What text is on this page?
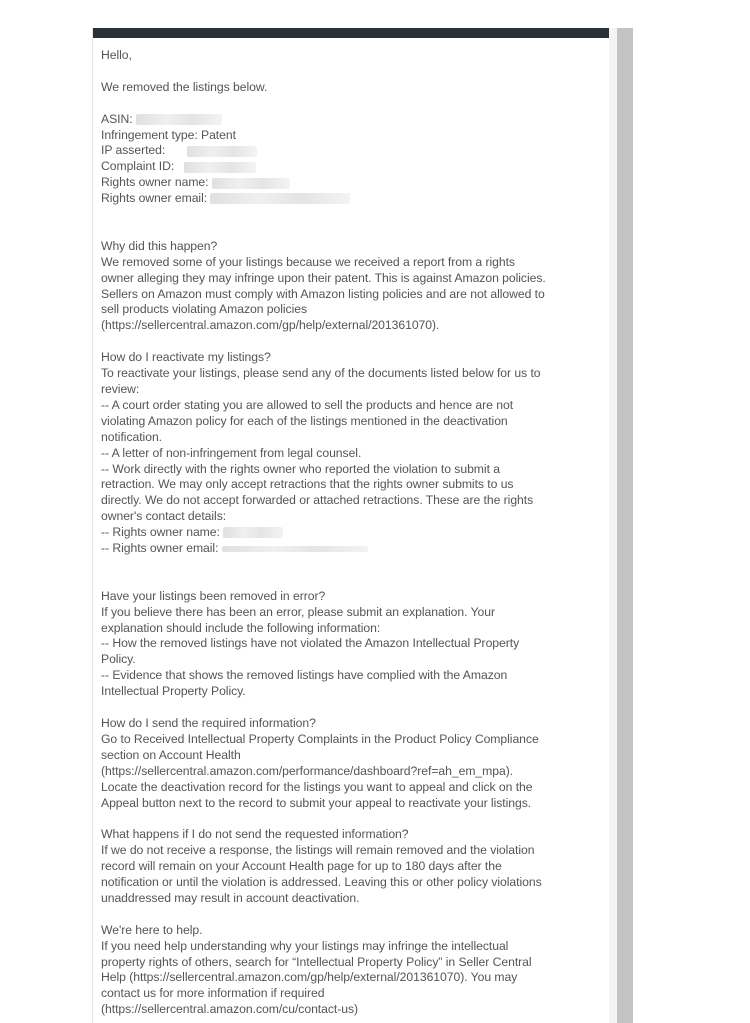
Hello,

We removed the listings below.

ASIN:

Infringement type: Patent

IP asserted:

Complaint ID:

Rights owner name:

Rights owner email:

Why did this happen?

We removed some of your listings because we received a report from a rights

owner alleging they may infringe upon their patent. This is against Amazon policies.

Sellers on Amazon must comply with Amazon listing policies and are not allowed to

sell products violating Amazon policies

(https://sellercentral.amazon.com/gp/help/external/201361070).

How do I reactivate my listings?

To reactivate your listings, please send any of the documents listed below for us to

review:

-- A court order stating you are allowed to sell the products and hence are not

violating Amazon policy for each of the listings mentioned in the deactivation

notification.

-- A letter of non-infringement from legal counsel.

-- Work directly with the rights owner who reported the violation to submit a

retraction. We may only accept retractions that the rights owner submits to us

directly. We do not accept forwarded or attached retractions. These are the rights

owner's contact details:

-- Rights owner name:

-- Rights owner email:

Have your listings been removed in error?

If you believe there has been an error, please submit an explanation. Your

explanation should include the following information:

-- How the removed listings have not violated the Amazon Intellectual Property

Policy.

-- Evidence that shows the removed listings have complied with the Amazon

Intellectual Property Policy.

How do I send the required information?

Go to Received Intellectual Property Complaints in the Product Policy Compliance

section on Account Health

(https://sellercentral.amazon.com/performance/dashboard?ref=ah_em_mpa).

Locate the deactivation record for the listings you want to appeal and click on the

Appeal button next to the record to submit your appeal to reactivate your listings.

What happens if I do not send the requested information?

If we do not receive a response, the listings will remain removed and the violation

record will remain on your Account Health page for up to 180 days after the

notification or until the violation is addressed. Leaving this or other policy violations

unaddressed may result in account deactivation.

We're here to help.

If you need help understanding why your listings may infringe the intellectual

property rights of others, search for “Intellectual Property Policy” in Seller Central

Help (https://sellercentral.amazon.com/gp/help/external/201361070). You may

contact us for more information if required

(https://sellercentral.amazon.com/cu/contact-us)
